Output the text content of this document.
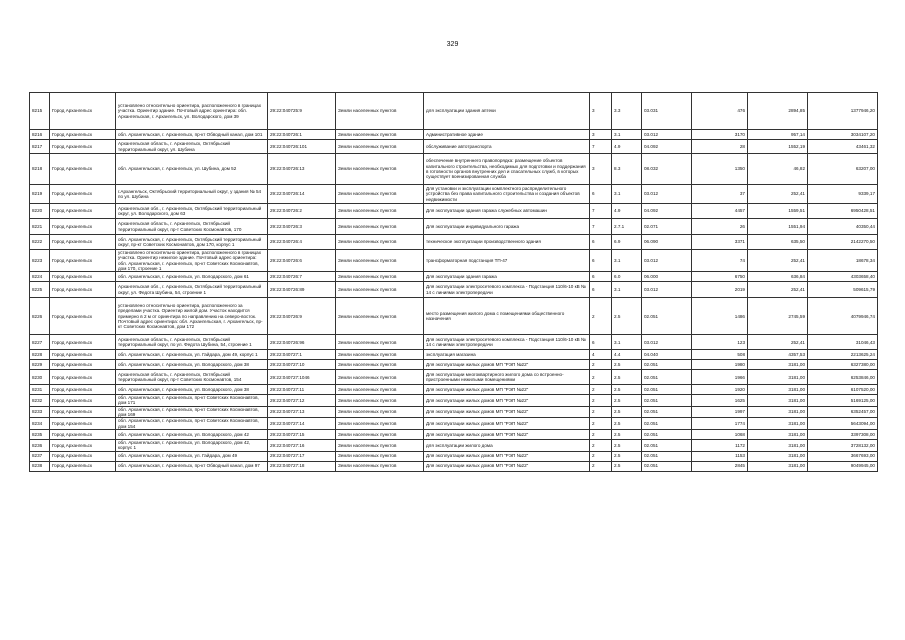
329
8215	Город Архангельск	установлено относительно ориентира, расположенного в границах участка. Ориентир здание. Почтовый адрес ориентира: обл. Архангельская, г. Архангельск, ул. Володарского, дом 39	29:22:040725:9	Земли населенных пунктов	для эксплуатации здания аптеки	3	3.3	03.031	476	2894,85	1377946,20
8216	Город Архангельск	обл. Архангельская, г. Архангельск, пр-кт Обводный канал, дом 101	29:22:040726:1	Земли населенных пунктов	Административное здание	3	3.1	03.012	3170	957,14	3034107,20
8217	Город Архангельск	Архангельская область, г. Архангельск, Октябрьский территориальный округ, ул. Шубина	29:22:040726:101	Земли населенных пунктов	обслуживание автотранспорта	7	4.9	04.092	28	1552,19	43461,32
8218	Город Архангельск	обл. Архангельская, г. Архангельск, ул. Шубина, дом 52	29:22:040726:13	Земли населенных пунктов	обеспечение внутреннего правопорядка: размещение объектов капитального строительства, необходимых для подготовки и поддержания в готовности органов внутренних дел и спасательных служб, в которых существует военизированная служба	3	8.3	08.032	1350	46,82	63207,00
8219	Город Архангельск	г.Архангельск, Октябрьский территориальный округ, у здания № 54 по ул. Шубина	29:22:040726:14	Земли населенных пунктов	Для установки и эксплуатации комплектного распределительного устройства без права капитального строительства и создания объектов недвижимости	6	3.1	03.012	37	252,41	9339,17
8220	Город Архангельск	Архангельская обл., г. Архангельск, Октябрьский территориальный округ, ул. Володарского, дом 63	29:22:040726:2	Земли населенных пунктов	Для эксплуатации здания гаража служебных автомашин	7	4.9	04.092	4457	1559,51	6950428,51
8221	Город Архангельск	Архангельская область, г. Архангельск, Октябрьский территориальный округ, пр-т Советских Космонавтов, 170	29:22:040726:3	Земли населенных пунктов	Для эксплуатации индивидуального гаража	7	2.7.1	02.071	26	1551,94	40350,44
8222	Город Архангельск	обл. Архангельская, г. Архангельск, Октябрьский территориальный округ, пр-кт Советских Космонавтов, дом 170, корпус 1	29:22:040726:4	Земли населенных пунктов	техническое эксплуатации производственного здания	6	6.9	06.090	3371	635,50	2142270,50
8223	Город Архангельск	установлено относительно ориентира, расположенного в границах участка. Ориентир нежилое здание. Почтовый адрес ориентира: обл. Архангельская, г. Архангельск, пр-кт Советских Космонавтов, дом 170, строение 1	29:22:040726:6	Земли населенных пунктов	трансформаторная подстанция ТП-47	6	3.1	03.012	74	252,41	18678,34
8224	Город Архангельск	обл. Архангельская, г. Архангельск, ул. Володарского, дом 61	29:22:040726:7	Земли населенных пунктов	Для эксплуатации здания гаража	6	6.0	06.000	6750	636,84	4303658,40
8225	Город Архангельск	Архангельская обл., г. Архангельск, Октябрьский территориальный округ, ул. Федота Шубина, 54, строение 1	29:22:040726:89	Земли населенных пунктов	Для эксплуатации электросетевого комплекса - Подстанция 110/6-10 кВ № 14 с линиями электропередачи	6	3.1	03.012	2019	252,41	509615,79
8226	Город Архангельск	установлено относительно ориентира, расположенного за пределами участка. Ориентир жилой дом. Участок находится примерно в 2 м от ориентира по направлению на северо-восток. Почтовый адрес ориентира: обл. Архангельская, г. Архангельск, пр-кт Советских Космонавтов, дом 172	29:22:040726:9	Земли населенных пунктов	место размещения жилого дома с помещениями общественного назначения	2	2.5	02.051	1486	2745,59	4079946,74
8227	Город Архангельск	Архангельская область, г. Архангельск, Октябрьский территориальный округ, по ул. Федота Шубина, 54, строение 1	29:22:040726:96	Земли населенных пунктов	Для эксплуатации электросетевого комплекса - Подстанция 110/6-10 кВ № 14 с линиями электропередачи	6	3.1	03.012	123	252,41	31046,43
8228	Город Архангельск	обл. Архангельская, г. Архангельск, ул. Гайдара, дом 49, корпус 1	29:22:040727:1	Земли населенных пунктов	эксплуатация магазина	4	4.4	04.040	508	4357,53	2213625,24
8229	Город Архангельск	обл. Архангельская, г. Архангельск, ул. Володарского, дом 38	29:22:040727:10	Земли населенных пунктов	Для эксплуатации жилых домов МП "РЭП №22"	2	2.5	02.051	1980	3181,00	6327380,00
8230	Город Архангельск	Архангельская область, г. Архангельск, Октябрьский территориальный округ, пр-т Советских Космонавтов, 154	29:22:040727:1046	Земли населенных пунктов	Для эксплуатации многоквартирного жилого дома со встроенно-пристроенными нежилыми помещениями	2	2.5	02.051	1966	3181,00	6253846,00
8231	Город Архангельск	обл. Архангельская, г. Архангельск, ул. Володарского, дом 38	29:22:040727:11	Земли населенных пунктов	Для эксплуатации жилых домов МП "РЭП №22"	2	2.5	02.051	1920	3181,00	6107520,00
8232	Город Архангельск	обл. Архангельская, г. Архангельск, пр-кт Советских Космонавтов, дом 171	29:22:040727:12	Земли населенных пунктов	Для эксплуатации жилых домов МП "РЭП №22"	2	2.5	02.051	1625	3181,00	5169125,00
8233	Город Архангельск	обл. Архангельская, г. Архангельск, пр-кт Советских Космонавтов, дом 169	29:22:040727:13	Земли населенных пунктов	Для эксплуатации жилых домов МП "РЭП №22"	2	2.5	02.051	1997	3181,00	6352457,00
8234	Город Архангельск	обл. Архангельская, г. Архангельск, пр-кт Советских Космонавтов, дом 154	29:22:040727:14	Земли населенных пунктов	Для эксплуатации жилых домов МП "РЭП №22"	2	2.5	02.051	1774	3181,00	5643094,00
8235	Город Архангельск	обл. Архангельская, г. Архангельск, ул. Володарского, дом 42	29:22:040727:15	Земли населенных пунктов	Для эксплуатации жилых домов МП "РЭП №22"	2	2.5	02.051	1068	3181,00	3397308,00
8236	Город Архангельск	обл. Архангельская, г. Архангельск, ул. Володарского, дом 42, корпус 1	29:22:040727:16	Земли населенных пунктов	для эксплуатации жилого дома	2	2.5	02.051	1172	3181,00	3728132,00
8237	Город Архангельск	обл. Архангельская, г. Архангельск, ул. Гайдара, дом 49	29:22:040727:17	Земли населенных пунктов	Для эксплуатации жилых домов МП "РЭП №22"	2	2.5	02.051	1153	3181,00	3667693,00
8238	Город Архангельск	обл. Архангельская, г. Архангельск, пр-кт Обводный канал, дом 97	29:22:040727:18	Земли населенных пунктов	Для эксплуатации жилых домов МП "РЭП №22"	2	2.5	02.051	2845	3181,00	9049945,00
